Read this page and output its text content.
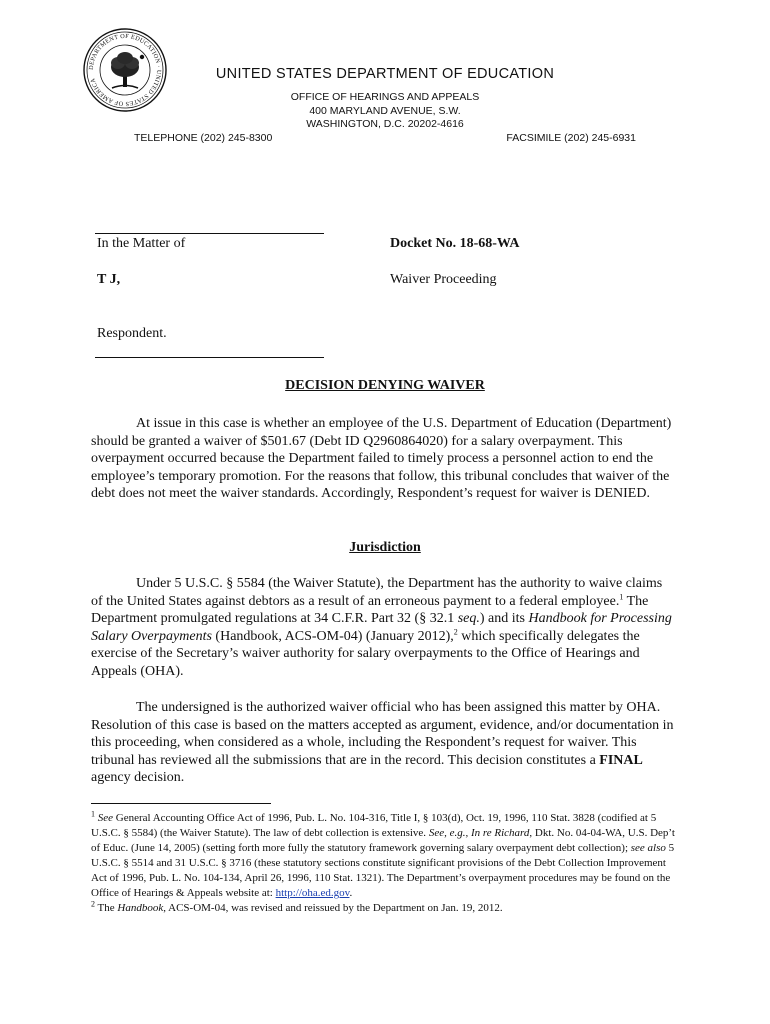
DEPARTMENT OF EDUCATION · UNITED STATES OF AMERICA	UNITED STATES DEPARTMENT OF EDUCATION
OFFICE OF HEARINGS AND APPEALS
400 MARYLAND AVENUE, S.W.
WASHINGTON, D.C. 20202-4616
TELEPHONE (202) 245-8300	FACSIMILE (202) 245-6931
In the Matter of	Docket No. 18-68-WA
T J,	Waiver Proceeding
Respondent.
DECISION DENYING WAIVER

At issue in this case is whether an employee of the U.S. Department of Education (Department) should be granted a waiver of $501.67 (Debt ID Q2960864020) for a salary overpayment. This overpayment occurred because the Department failed to timely process a personnel action to end the employee’s temporary promotion. For the reasons that follow, this tribunal concludes that waiver of the debt does not meet the waiver standards. Accordingly, Respondent’s request for waiver is DENIED.

Jurisdiction

Under 5 U.S.C. § 5584 (the Waiver Statute), the Department has the authority to waive claims of the United States against debtors as a result of an erroneous payment to a federal employee.$^1$ The Department promulgated regulations at 34 C.F.R. Part 32 (§ 32.1 seq.) and its Handbook for Processing Salary Overpayments (Handbook, ACS-OM-04) (January 2012),$^2$ which specifically delegates the exercise of the Secretary’s waiver authority for salary overpayments to the Office of Hearings and Appeals (OHA).

The undersigned is the authorized waiver official who has been assigned this matter by OHA. Resolution of this case is based on the matters accepted as argument, evidence, and/or documentation in this proceeding, when considered as a whole, including the Respondent’s request for waiver. This tribunal has reviewed all the submissions that are in the record. This decision constitutes a FINAL agency decision.

$^1$ See General Accounting Office Act of 1996, Pub. L. No. 104-316, Title I, § 103(d), Oct. 19, 1996, 110 Stat. 3828 (codified at 5 U.S.C. § 5584) (the Waiver Statute). The law of debt collection is extensive. See, e.g., In re Richard, Dkt. No. 04-04-WA, U.S. Dep’t of Educ. (June 14, 2005) (setting forth more fully the statutory framework governing salary overpayment debt collection); see also 5 U.S.C. § 5514 and 31 U.S.C. § 3716 (these statutory sections constitute significant provisions of the Debt Collection Improvement Act of 1996, Pub. L. No. 104-134, April 26, 1996, 110 Stat. 1321). The Department’s overpayment procedures may be found on the Office of Hearings & Appeals website at: http://oha.ed.gov.

$^2$ The Handbook, ACS-OM-04, was revised and reissued by the Department on Jan. 19, 2012.
